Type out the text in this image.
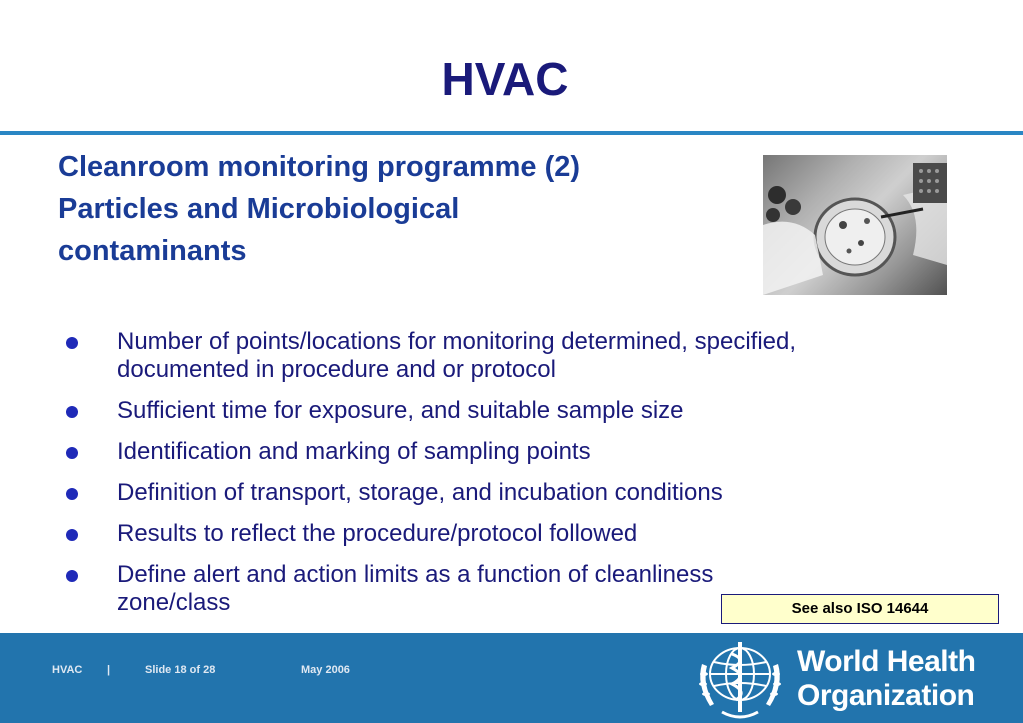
HVAC
Cleanroom monitoring programme (2)
Particles and Microbiological
contaminants
Number of points/locations for monitoring determined, specified,
documented in procedure and or protocol
Sufficient time for exposure, and suitable sample size
Identification and marking of sampling points
Definition of transport, storage, and incubation conditions
Results to reflect the procedure/protocol followed
Define alert and action limits as a function of cleanliness
zone/class	See also ISO 14644
HVAC |	Slide 18 of 28	May 2006	World Health
Organization
